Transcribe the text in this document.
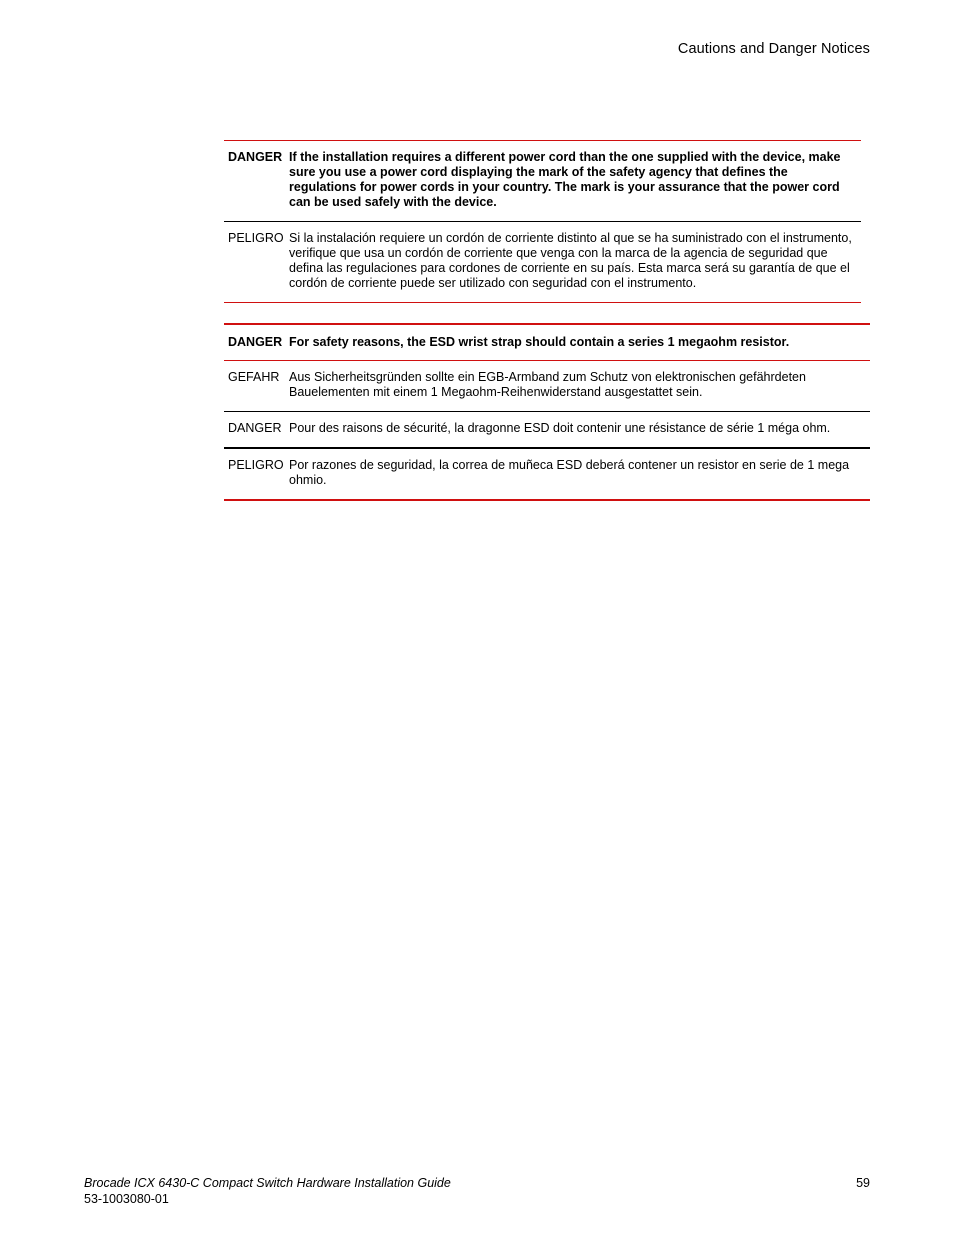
Cautions and Danger Notices
DANGER If the installation requires a different power cord than the one supplied with the device, make sure you use a power cord displaying the mark of the safety agency that defines the regulations for power cords in your country. The mark is your assurance that the power cord can be used safely with the device.
PELIGRO Si la instalación requiere un cordón de corriente distinto al que se ha suministrado con el instrumento, verifique que usa un cordón de corriente que venga con la marca de la agencia de seguridad que defina las regulaciones para cordones de corriente en su país. Esta marca será su garantía de que el cordón de corriente puede ser utilizado con seguridad con el instrumento.
DANGER For safety reasons, the ESD wrist strap should contain a series 1 megaohm resistor.
GEFAHR Aus Sicherheitsgründen sollte ein EGB-Armband zum Schutz von elektronischen gefährdeten Bauelementen mit einem 1 Megaohm-Reihenwiderstand ausgestattet sein.
DANGER Pour des raisons de sécurité, la dragonne ESD doit contenir une résistance de série 1 méga ohm.
PELIGRO Por razones de seguridad, la correa de muñeca ESD deberá contener un resistor en serie de 1 mega ohmio.
Brocade ICX 6430-C Compact Switch Hardware Installation Guide
53-1003080-01
59
